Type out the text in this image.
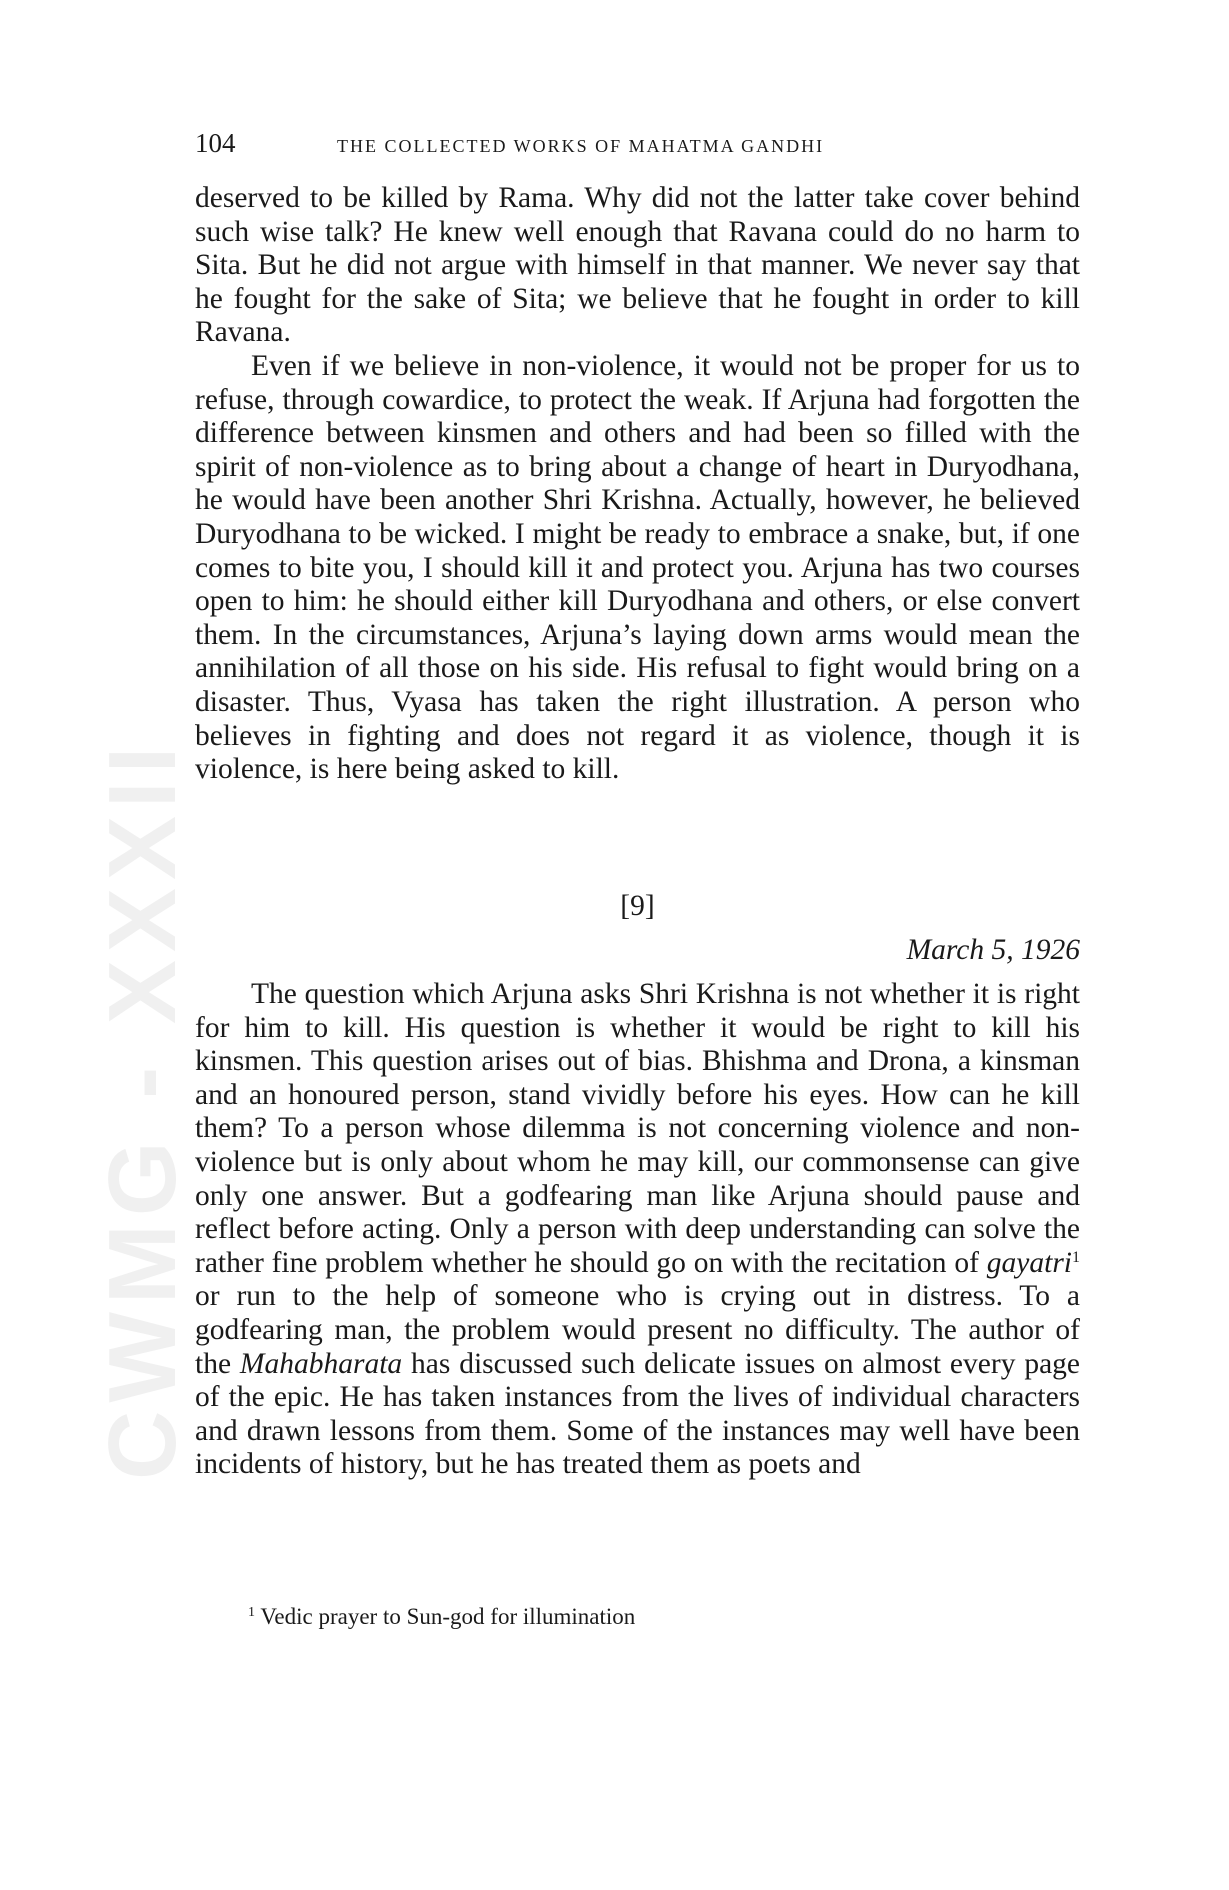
CWMG - XXXII
104	THE COLLECTED WORKS OF MAHATMA GANDHI

deserved to be killed by Rama. Why did not the latter take cover behind such wise talk? He knew well enough that Ravana could do no harm to Sita. But he did not argue with himself in that manner. We never say that he fought for the sake of Sita; we believe that he fought in order to kill Ravana.

Even if we believe in non-violence, it would not be proper for us to refuse, through cowardice, to protect the weak. If Arjuna had forgotten the difference between kinsmen and others and had been so filled with the spirit of non-violence as to bring about a change of heart in Duryodhana, he would have been another Shri Krishna. Actually, however, he believed Duryodhana to be wicked. I might be ready to embrace a snake, but, if one comes to bite you, I should kill it and protect you. Arjuna has two courses open to him: he should either kill Duryodhana and others, or else convert them. In the circumstances, Arjuna’s laying down arms would mean the annihilation of all those on his side. His refusal to fight would bring on a disaster. Thus, Vyasa has taken the right illustration. A person who believes in fighting and does not regard it as violence, though it is violence, is here being asked to kill.

[9]
March 5, 1926

The question which Arjuna asks Shri Krishna is not whether it is right for him to kill. His question is whether it would be right to kill his kinsmen. This question arises out of bias. Bhishma and Drona, a kinsman and an honoured person, stand vividly before his eyes. How can he kill them? To a person whose dilemma is not concerning violence and non-violence but is only about whom he may kill, our commonsense can give only one answer. But a godfearing man like Arjuna should pause and reflect before acting. Only a person with deep understanding can solve the rather fine problem whether he should go on with the recitation of gayatri$^1$ or run to the help of someone who is crying out in distress. To a godfearing man, the problem would present no difficulty. The author of the Mahabharata has discussed such delicate issues on almost every page of the epic. He has taken instances from the lives of individual characters and drawn lessons from them. Some of the instances may well have been incidents of history, but he has treated them as poets and

$^1$ Vedic prayer to Sun-god for illumination
